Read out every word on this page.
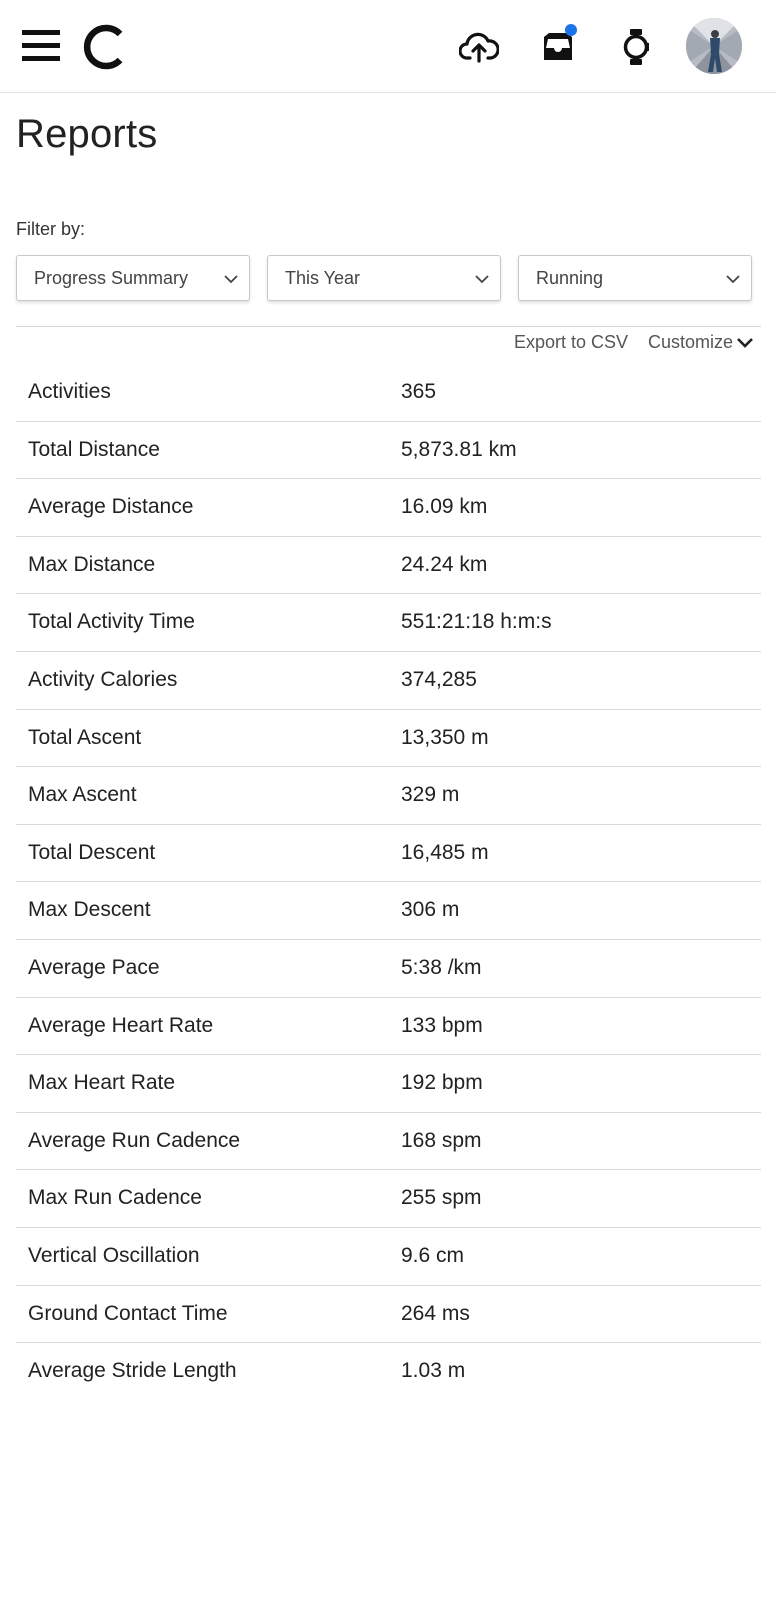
Reports
Filter by:
Progress Summary	This Year	Running
Export to CSV Customize
Activities	365
Total Distance	5,873.81 km
Average Distance	16.09 km
Max Distance	24.24 km
Total Activity Time	551:21:18 h:m:s
Activity Calories	374,285
Total Ascent	13,350 m
Max Ascent	329 m
Total Descent	16,485 m
Max Descent	306 m
Average Pace	5:38 /km
Average Heart Rate	133 bpm
Max Heart Rate	192 bpm
Average Run Cadence	168 spm
Max Run Cadence	255 spm
Vertical Oscillation	9.6 cm
Ground Contact Time	264 ms
Average Stride Length	1.03 m
